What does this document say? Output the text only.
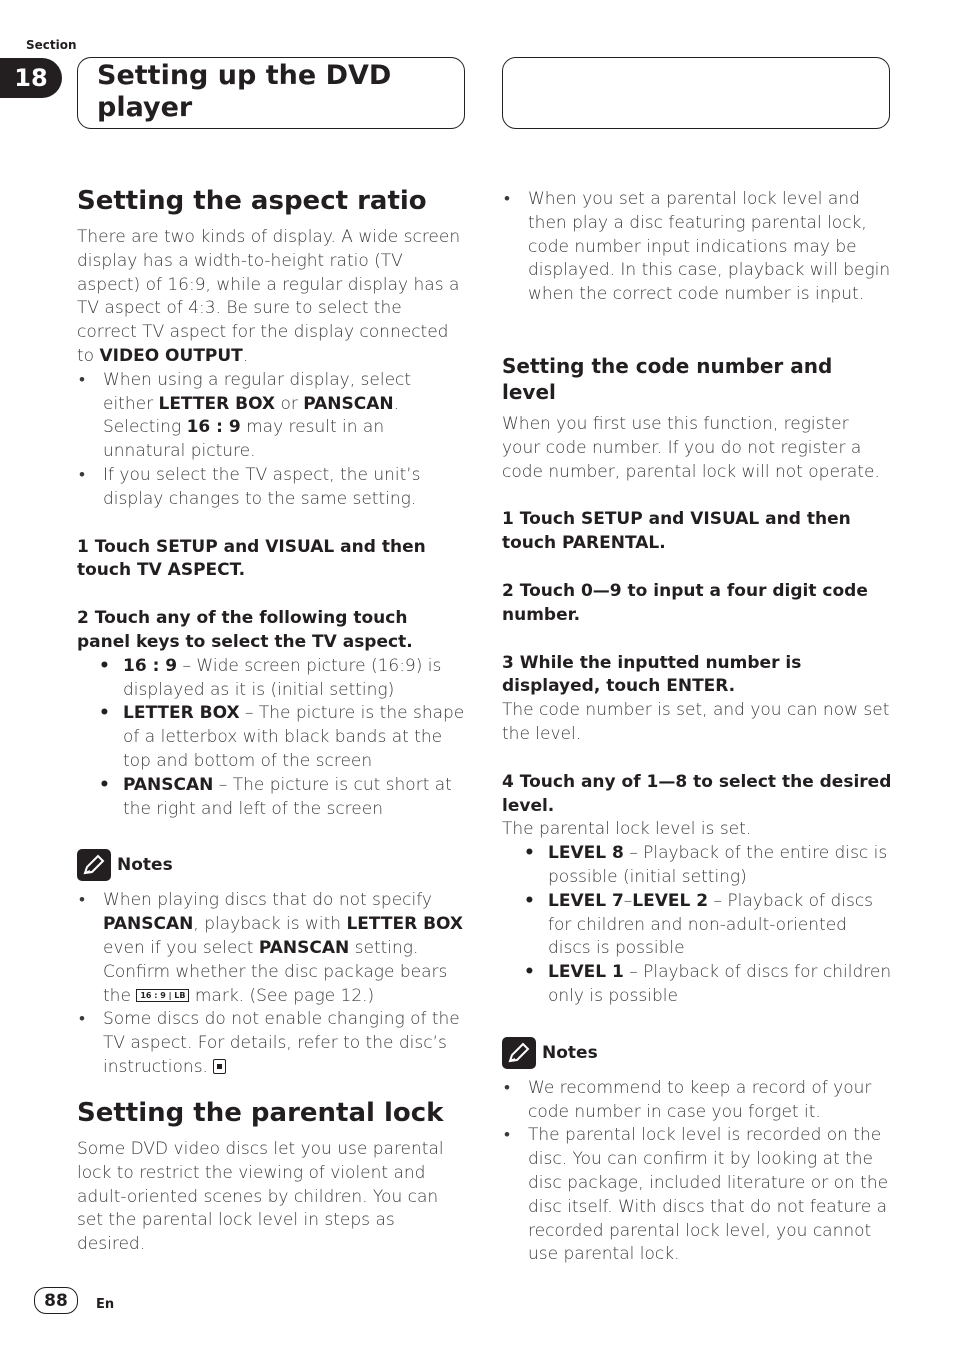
Section
18 Setting up the DVD player
Setting the aspect ratio

There are two kinds of display. A wide screen display has a width-to-height ratio (TV aspect) of 16:9, while a regular display has a TV aspect of 4:3. Be sure to select the correct TV aspect for the display connected to VIDEO OUTPUT.

• When using a regular display, select either LETTER BOX or PANSCAN. Selecting 16 : 9 may result in an unnatural picture.
• If you select the TV aspect, the unit’s display changes to the same setting.
1 Touch SETUP and VISUAL and then touch TV ASPECT.
2 Touch any of the following touch panel keys to select the TV aspect.
• 16 : 9 – Wide screen picture (16:9) is displayed as it is (initial setting)
• LETTER BOX – The picture is the shape of a letterbox with black bands at the top and bottom of the screen
• PANSCAN – The picture is cut short at the right and left of the screen
Notes
• When playing discs that do not specify PANSCAN, playback is with LETTER BOX even if you select PANSCAN setting. Confirm whether the disc package bears the 16 : 9 | LB mark. (See page 12.)
• Some discs do not enable changing of the TV aspect. For details, refer to the disc’s instructions.
Setting the parental lock

Some DVD video discs let you use parental lock to restrict the viewing of violent and adult-oriented scenes by children. You can set the parental lock level in steps as desired.

• When you set a parental lock level and then play a disc featuring parental lock, code number input indications may be displayed. In this case, playback will begin when the correct code number is input.
Setting the code number and level

When you first use this function, register your code number. If you do not register a code number, parental lock will not operate.

1 Touch SETUP and VISUAL and then touch PARENTAL.
2 Touch 0—9 to input a four digit code number.
3 While the inputted number is displayed, touch ENTER.

The code number is set, and you can now set the level.

4 Touch any of 1—8 to select the desired level.

The parental lock level is set.

• LEVEL 8 – Playback of the entire disc is possible (initial setting)
• LEVEL 7–LEVEL 2 – Playback of discs for children and non-adult-oriented discs is possible
• LEVEL 1 – Playback of discs for children only is possible
Notes
• We recommend to keep a record of your code number in case you forget it.
• The parental lock level is recorded on the disc. You can confirm it by looking at the disc package, included literature or on the disc itself. With discs that do not feature a recorded parental lock level, you cannot use parental lock.
88 En
